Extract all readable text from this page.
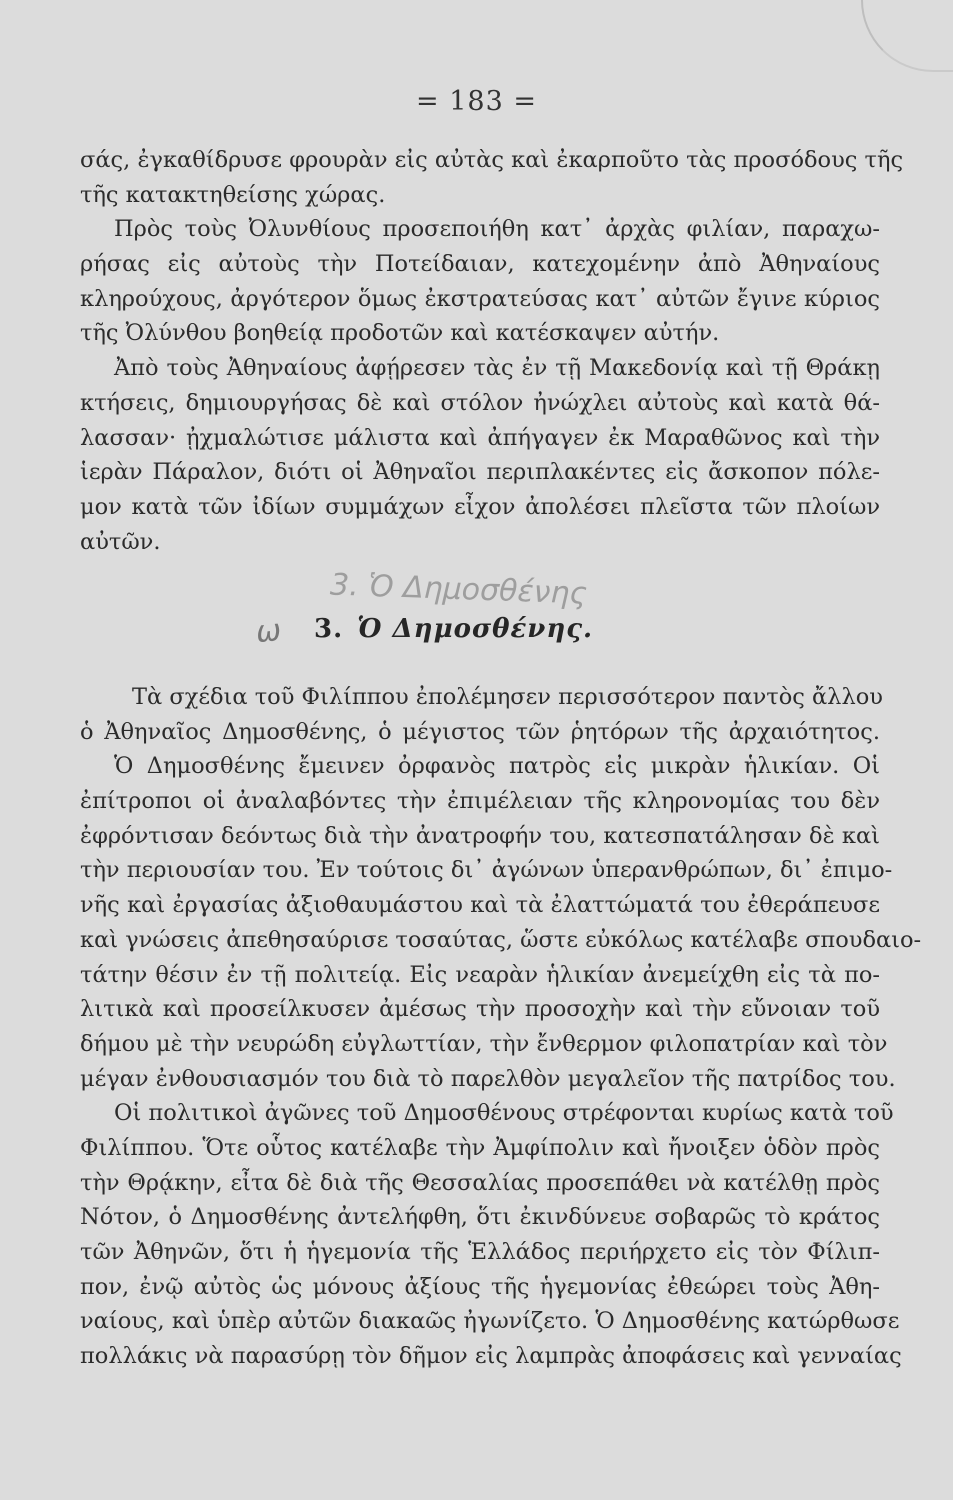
= 183 =
σάς, ἐγκαθίδρυσε φρουρὰν εἰς αὐτὰς καὶ ἐκαρποῦτο τὰς προσόδους τῆς
τῆς κατακτηθείσης χώρας.
Πρὸς τοὺς Ὀλυνθίους προσεποιήθη κατ᾽ ἀρχὰς φιλίαν, παραχω-
ρήσας εἰς αὐτοὺς τὴν Ποτείδαιαν, κατεχομένην ἀπὸ Ἀθηναίους
κληρούχους, ἀργότερον ὅμως ἐκστρατεύσας κατ᾽ αὐτῶν ἔγινε κύριος
τῆς Ὀλύνθου βοηθείᾳ προδοτῶν καὶ κατέσκαψεν αὐτήν.
Ἀπὸ τοὺς Ἀθηναίους ἀφῄρεσεν τὰς ἐν τῇ Μακεδονίᾳ καὶ τῇ Θράκῃ
κτήσεις, δημιουργήσας δὲ καὶ στόλον ἠνώχλει αὐτοὺς καὶ κατὰ θά-
λασσαν· ᾐχμαλώτισε μάλιστα καὶ ἀπήγαγεν ἐκ Μαραθῶνος καὶ τὴν
ἱερὰν Πάραλον, διότι οἱ Ἀθηναῖοι περιπλακέντες εἰς ἄσκοπον πόλε-
μον κατὰ τῶν ἰδίων συμμάχων εἶχον ἀπολέσει πλεῖστα τῶν πλοίων
αὐτῶν.
3. Ὁ Δημοσθένης
ω 3. Ὁ Δημοσθένης.
Τὰ σχέδια τοῦ Φιλίππου ἐπολέμησεν περισσότερον παντὸς ἄλλου
ὁ Ἀθηναῖος Δημοσθένης, ὁ μέγιστος τῶν ῥητόρων τῆς ἀρχαιότητος.
Ὁ Δημοσθένης ἔμεινεν ὀρφανὸς πατρὸς εἰς μικρὰν ἡλικίαν. Οἱ
ἐπίτροποι οἱ ἀναλαβόντες τὴν ἐπιμέλειαν τῆς κληρονομίας του δὲν
ἐφρόντισαν δεόντως διὰ τὴν ἀνατροφήν του, κατεσπατάλησαν δὲ καὶ
τὴν περιουσίαν του. Ἐν τούτοις δι᾽ ἀγώνων ὑπερανθρώπων, δι᾽ ἐπιμο-
νῆς καὶ ἐργασίας ἀξιοθαυμάστου καὶ τὰ ἐλαττώματά του ἐθεράπευσε
καὶ γνώσεις ἀπεθησαύρισε τοσαύτας, ὥστε εὐκόλως κατέλαβε σπουδαιο-
τάτην θέσιν ἐν τῇ πολιτείᾳ. Εἰς νεαρὰν ἡλικίαν ἀνεμείχθη εἰς τὰ πο-
λιτικὰ καὶ προσείλκυσεν ἀμέσως τὴν προσοχὴν καὶ τὴν εὔνοιαν τοῦ
δήμου μὲ τὴν νευρώδη εὐγλωττίαν, τὴν ἔνθερμον φιλοπατρίαν καὶ τὸν
μέγαν ἐνθουσιασμόν του διὰ τὸ παρελθὸν μεγαλεῖον τῆς πατρίδος του.
Οἱ πολιτικοὶ ἀγῶνες τοῦ Δημοσθένους στρέφονται κυρίως κατὰ τοῦ
Φιλίππου. Ὅτε οὗτος κατέλαβε τὴν Ἀμφίπολιν καὶ ἤνοιξεν ὁδὸν πρὸς
τὴν Θρᾴκην, εἶτα δὲ διὰ τῆς Θεσσαλίας προσεπάθει νὰ κατέλθῃ πρὸς
Νότον, ὁ Δημοσθένης ἀντελήφθη, ὅτι ἐκινδύνευε σοβαρῶς τὸ κράτος
τῶν Ἀθηνῶν, ὅτι ἡ ἡγεμονία τῆς Ἑλλάδος περιήρχετο εἰς τὸν Φίλιπ-
πον, ἐνῷ αὐτὸς ὡς μόνους ἀξίους τῆς ἡγεμονίας ἐθεώρει τοὺς Ἀθη-
ναίους, καὶ ὑπὲρ αὐτῶν διακαῶς ἠγωνίζετο. Ὁ Δημοσθένης κατώρθωσε
πολλάκις νὰ παρασύρῃ τὸν δῆμον εἰς λαμπρὰς ἀποφάσεις καὶ γενναίας
